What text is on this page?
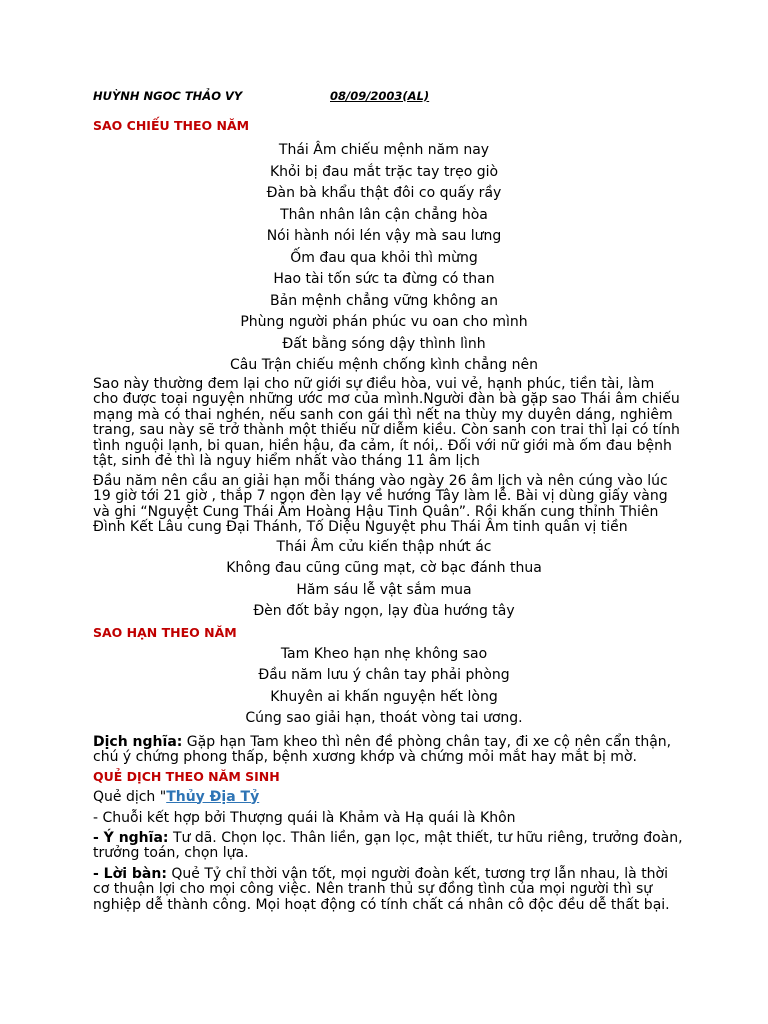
HUỲNH NGOC THẢO VY	08/09/2003(AL)
SAO CHIẾU THEO NĂM
Thái Âm chiếu mệnh năm nay
Khỏi bị đau mắt trặc tay trẹo giò
Đàn bà khẩu thật đôi co quấy rầy
Thân nhân lân cận chẳng hòa
Nói hành nói lén vậy mà sau lưng
Ốm đau qua khỏi thì mừng
Hao tài tốn sức ta đừng có than
Bản mệnh chẳng vững không an
Phùng người phán phúc vu oan cho mình
Đất bằng sóng dậy thình lình
Câu Trận chiếu mệnh chống kình chẳng nên

Sao này thường đem lại cho nữ giới sự điều hòa, vui vẻ, hạnh phúc, tiền tài, làm cho được toại nguyện những ước mơ của mình.Người đàn bà gặp sao Thái âm chiếu mạng mà có thai nghén, nếu sanh con gái thì nết na thùy my duyên dáng, nghiêm trang, sau này sẽ trở thành một thiếu nữ diễm kiều. Còn sanh con trai thì lại có tính tình nguội lạnh, bi quan, hiền hậu, đa cảm, ít nói,. Đối với nữ giới mà ốm đau bệnh tật, sinh đẻ thì là nguy hiểm nhất vào tháng 11 âm lịch

Đầu năm nên cầu an giải hạn mỗi tháng vào ngày 26 âm lịch và nên cúng vào lúc 19 giờ tới 21 giờ , thắp 7 ngọn đèn lạy về hướng Tây làm lễ. Bài vị dùng giấy vàng và ghi “Nguyệt Cung Thái Âm Hoàng Hậu Tinh Quân”. Rồi khấn cung thỉnh Thiên Đình Kết Lâu cung Đại Thánh, Tố Diệu Nguyệt phu Thái Âm tinh quân vị tiền

Thái Âm cửu kiến thập nhứt ác
Không đau cũng cũng mạt, cờ bạc đánh thua
Hăm sáu lễ vật sắm mua
Đèn đốt bảy ngọn, lạy đùa hướng tây
SAO HẠN THEO NĂM
Tam Kheo hạn nhẹ không sao
Đầu năm lưu ý chân tay phải phòng
Khuyên ai khấn nguyện hết lòng
Cúng sao giải hạn, thoát vòng tai ương.

Dịch nghĩa: Gặp hạn Tam kheo thì nên đề phòng chân tay, đi xe cộ nên cẩn thận, chú ý chứng phong thấp, bệnh xương khớp và chứng mỏi mắt hay mắt bị mờ.

QUẺ DỊCH THEO NĂM SINH
Quẻ dịch "Thủy Địa Tỷ
- Chuỗi kết hợp bởi Thượng quái là Khảm và Hạ quái là Khôn

- Ý nghĩa: Tư dã. Chọn lọc. Thân liền, gạn lọc, mật thiết, tư hữu riêng, trưởng đoàn, trưởng toán, chọn lựa.

- Lời bàn: Quẻ Tỷ chỉ thời vận tốt, mọi người đoàn kết, tương trợ lẫn nhau, là thời cơ thuận lợi cho mọi công việc. Nên tranh thủ sự đồng tình của mọi người thì sự nghiệp dễ thành công. Mọi hoạt động có tính chất cá nhân cô độc đều dễ thất bại.
